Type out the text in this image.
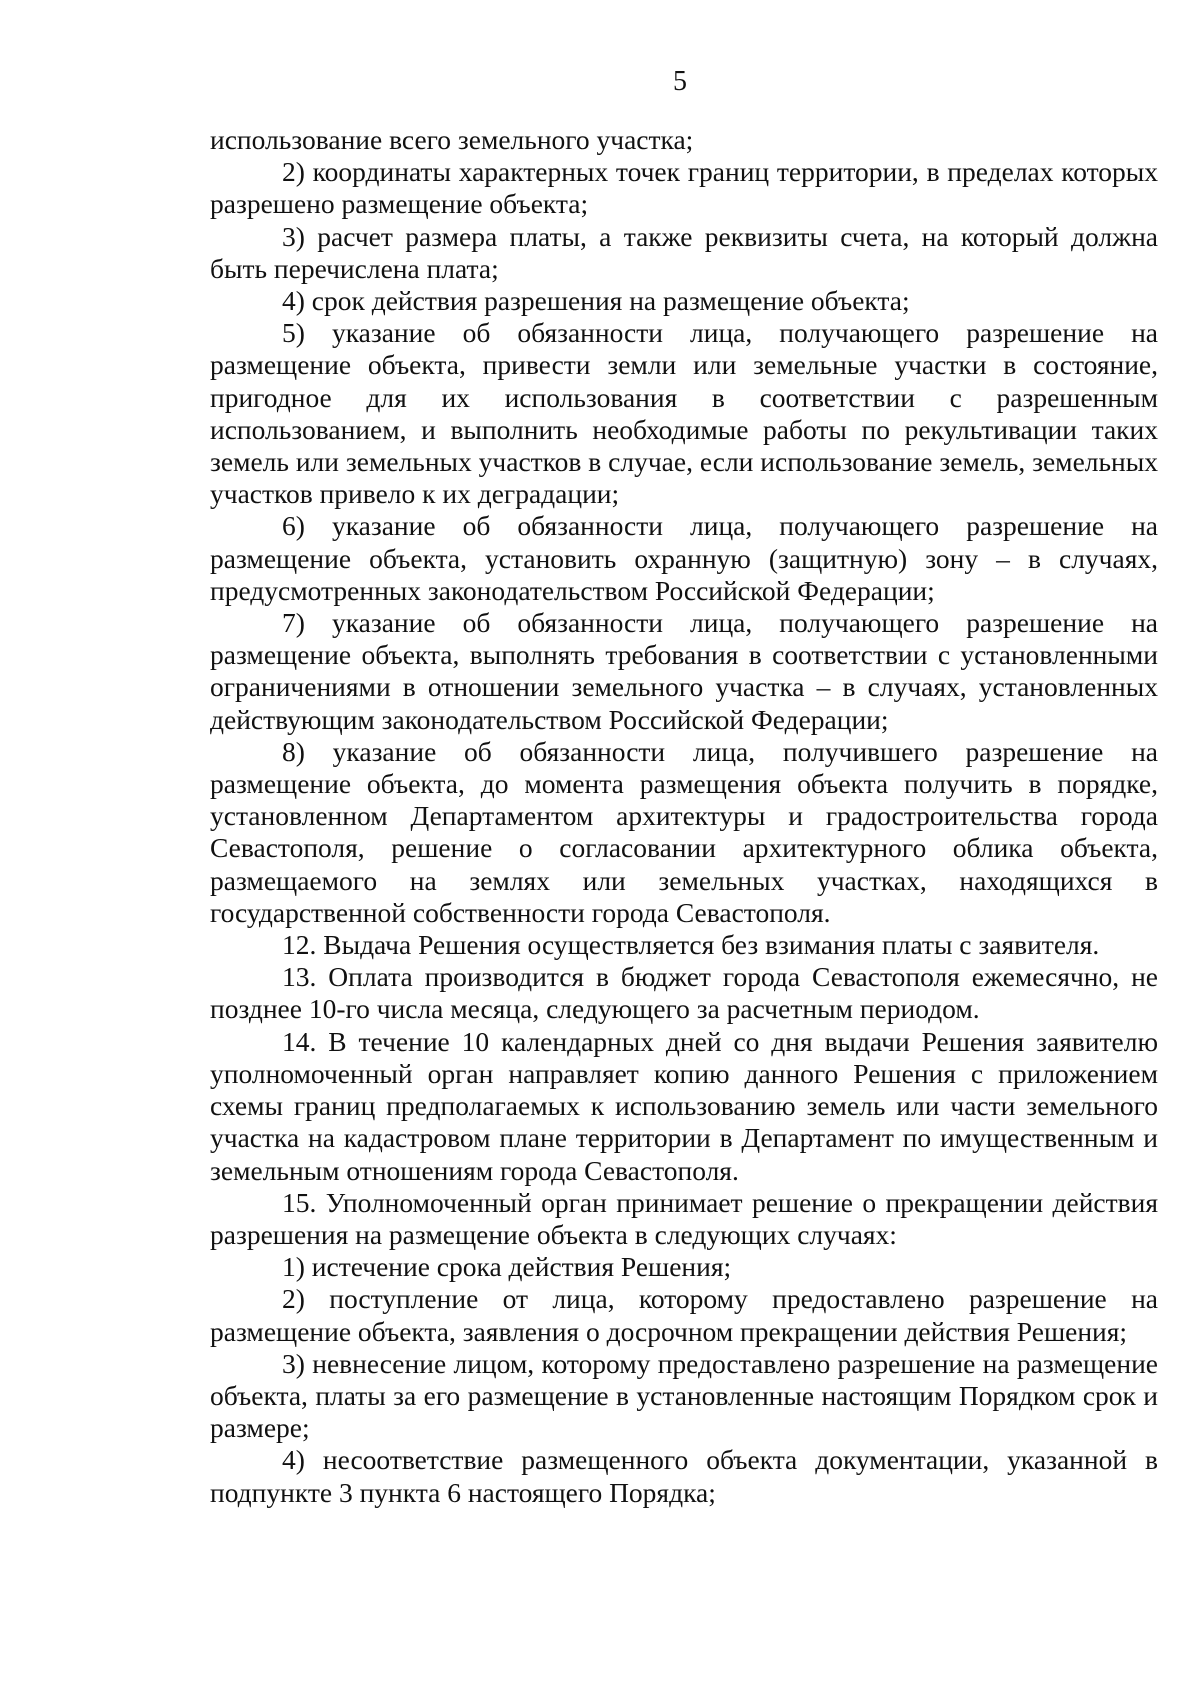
5

использование всего земельного участка;

2) координаты характерных точек границ территории, в пределах которых разрешено размещение объекта;

3) расчет размера платы, а также реквизиты счета, на который должна быть перечислена плата;

4) срок действия разрешения на размещение объекта;

5) указание об обязанности лица, получающего разрешение на размещение объекта, привести земли или земельные участки в состояние, пригодное для их использования в соответствии с разрешенным использованием, и выполнить необходимые работы по рекультивации таких земель или земельных участков в случае, если использование земель, земельных участков привело к их деградации;

6) указание об обязанности лица, получающего разрешение на размещение объекта, установить охранную (защитную) зону – в случаях, предусмотренных законодательством Российской Федерации;

7) указание об обязанности лица, получающего разрешение на размещение объекта, выполнять требования в соответствии с установленными ограничениями в отношении земельного участка – в случаях, установленных действующим законодательством Российской Федерации;

8) указание об обязанности лица, получившего разрешение на размещение объекта, до момента размещения объекта получить в порядке, установленном Департаментом архитектуры и градостроительства города Севастополя, решение о согласовании архитектурного облика объекта, размещаемого на землях или земельных участках, находящихся в государственной собственности города Севастополя.

12. Выдача Решения осуществляется без взимания платы с заявителя.

13. Оплата производится в бюджет города Севастополя ежемесячно, не позднее 10-го числа месяца, следующего за расчетным периодом.

14. В течение 10 календарных дней со дня выдачи Решения заявителю уполномоченный орган направляет копию данного Решения с приложением схемы границ предполагаемых к использованию земель или части земельного участка на кадастровом плане территории в Департамент по имущественным и земельным отношениям города Севастополя.

15. Уполномоченный орган принимает решение о прекращении действия разрешения на размещение объекта в следующих случаях:

1) истечение срока действия Решения;

2) поступление от лица, которому предоставлено разрешение на размещение объекта, заявления о досрочном прекращении действия Решения;

3) невнесение лицом, которому предоставлено разрешение на размещение объекта, платы за его размещение в установленные настоящим Порядком срок и размере;

4) несоответствие размещенного объекта документации, указанной в подпункте 3 пункта 6 настоящего Порядка;
